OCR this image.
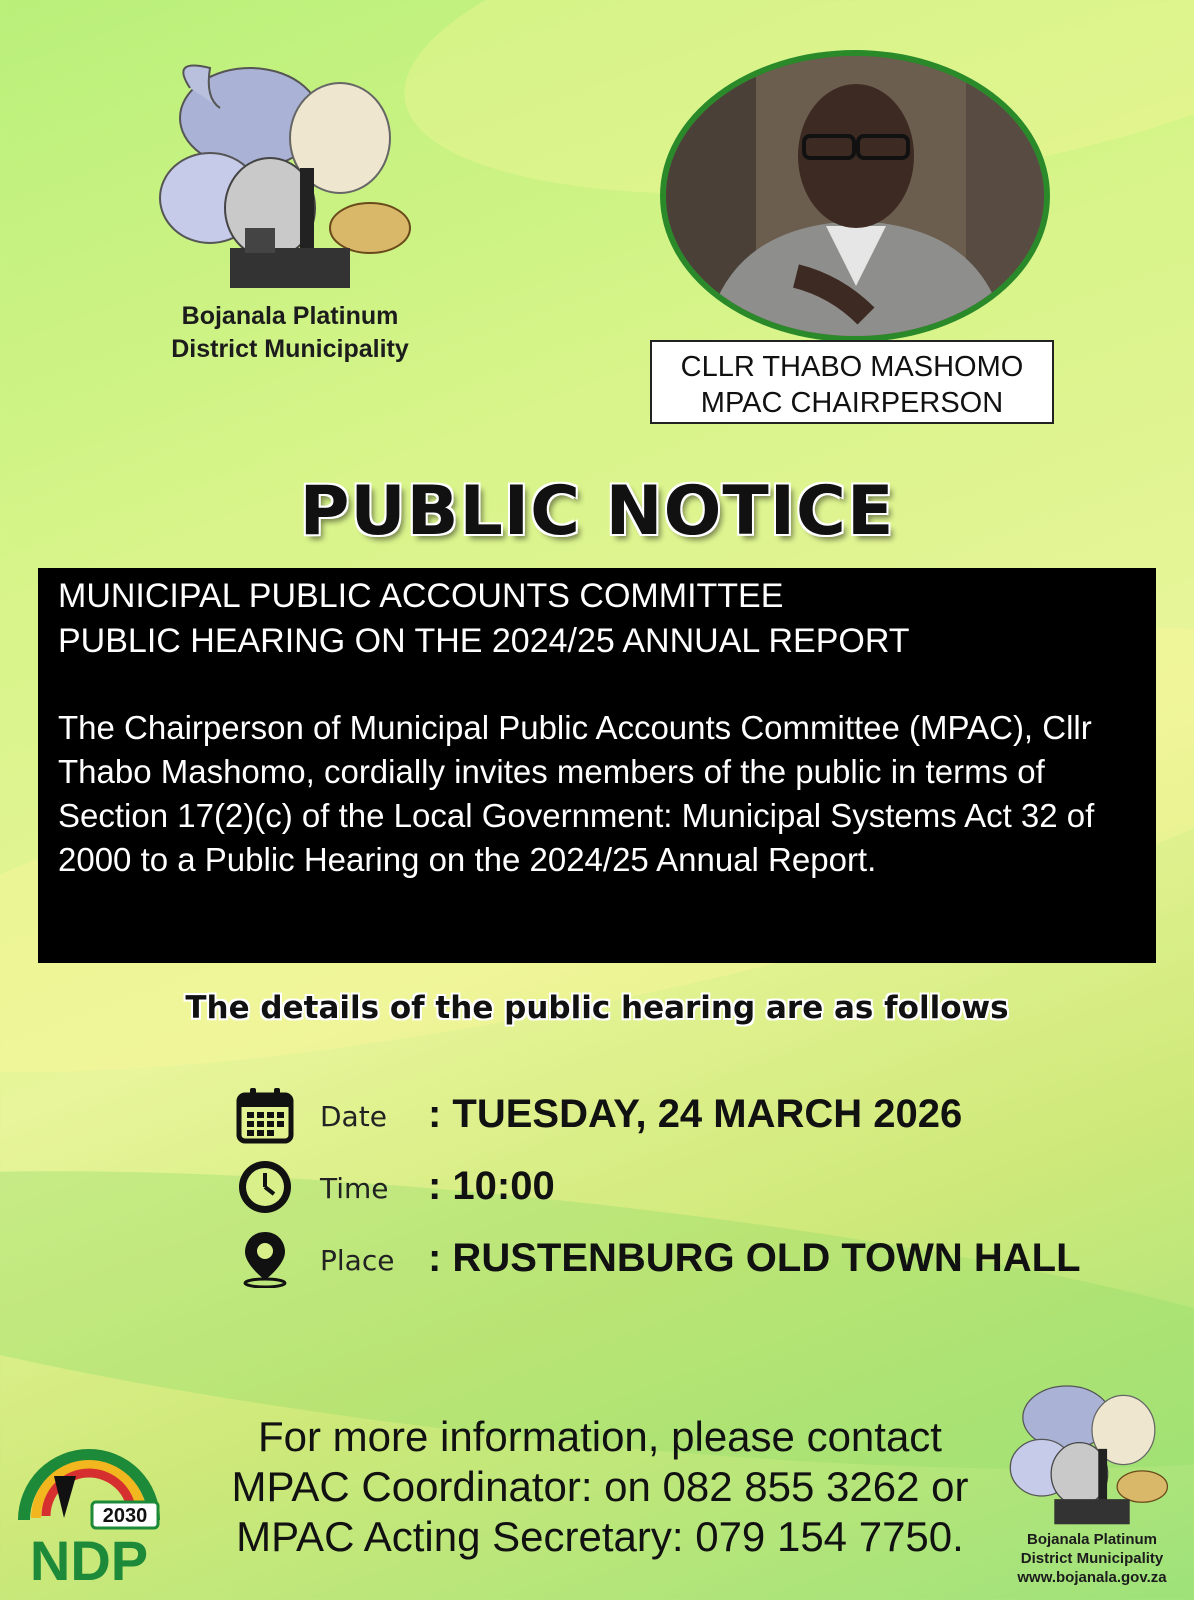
Bojanala Platinum
District Municipality
CLLR THABO MASHOMO
MPAC CHAIRPERSON
PUBLIC NOTICE
MUNICIPAL PUBLIC ACCOUNTS COMMITTEE
PUBLIC HEARING ON THE 2024/25 ANNUAL REPORT
The Chairperson of Municipal Public Accounts Committee (MPAC), Cllr Thabo Mashomo, cordially invites members of the public in terms of Section 17(2)(c) of the Local Government: Municipal Systems Act 32 of 2000 to a Public Hearing on the 2024/25 Annual Report.
The details of the public hearing are as follows
Date : TUESDAY, 24 MARCH 2026
Time : 10:00
Place : RUSTENBURG OLD TOWN HALL
For more information, please contact
MPAC Coordinator: on 082 855 3262 or
MPAC Acting Secretary: 079 154 7750.
2030
NDP	Bojanala Platinum
District Municipality
www.bojanala.gov.za
